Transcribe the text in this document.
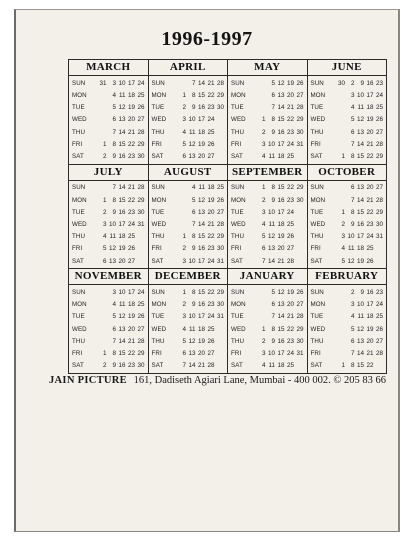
1996-1997
MARCH
SUN	31 3 10 17 24
MON	4 11 18 25
TUE	5 12 19 26
WED	6 13 20 27
THU	7 14 21 28
FRI	1 8 15 22 29
SAT	2 9 16 23 30
APRIL
SUN	7 14 21 28
MON	1 8 15 22 29
TUE	2 9 16 23 30
WED	3 10 17 24
THU	4 11 18 25
FRI	5 12 19 26
SAT	6 13 20 27
MAY
SUN	5 12 19 26
MON	6 13 20 27
TUE	7 14 21 28
WED	1 8 15 22 29
THU	2 9 16 23 30
FRI	3 10 17 24 31
SAT	4 11 18 25
JUNE
SUN	30 2 9 16 23
MON	3 10 17 24
TUE	4 11 18 25
WED	5 12 19 26
THU	6 13 20 27
FRI	7 14 21 28
SAT	1 8 15 22 29
JULY
SUN	7 14 21 28
MON	1 8 15 22 29
TUE	2 9 16 23 30
WED	3 10 17 24 31
THU	4 11 18 25
FRI	5 12 19 26
SAT	6 13 20 27
AUGUST
SUN	4 11 18 25
MON	5 12 19 26
TUE	6 13 20 27
WED	7 14 21 28
THU	1 8 15 22 29
FRI	2 9 16 23 30
SAT	3 10 17 24 31
SEPTEMBER
SUN	1 8 15 22 29
MON	2 9 16 23 30
TUE	3 10 17 24
WED	4 11 18 25
THU	5 12 19 26
FRI	6 13 20 27
SAT	7 14 21 28
OCTOBER
SUN	6 13 20 27
MON	7 14 21 28
TUE	1 8 15 22 29
WED	2 9 16 23 30
THU	3 10 17 24 31
FRI	4 11 18 25
SAT	5 12 19 26
NOVEMBER
SUN	3 10 17 24
MON	4 11 18 25
TUE	5 12 19 26
WED	6 13 20 27
THU	7 14 21 28
FRI	1 8 15 22 29
SAT	2 9 16 23 30
DECEMBER
SUN	1 8 15 22 29
MON	2 9 16 23 30
TUE	3 10 17 24 31
WED	4 11 18 25
THU	5 12 19 26
FRI	6 13 20 27
SAT	7 14 21 28
JANUARY
SUN	5 12 19 26
MON	6 13 20 27
TUE	7 14 21 28
WED	1 8 15 22 29
THU	2 9 16 23 30
FRI	3 10 17 24 31
SAT	4 11 18 25
FEBRUARY
SUN	2 9 16 23
MON	3 10 17 24
TUE	4 11 18 25
WED	5 12 19 26
THU	6 13 20 27
FRI	7 14 21 28
SAT	1 8 15 22
JAIN PICTURE 161, Dadiseth Agiari Lane, Mumbai - 400 002. © 205 83 66
